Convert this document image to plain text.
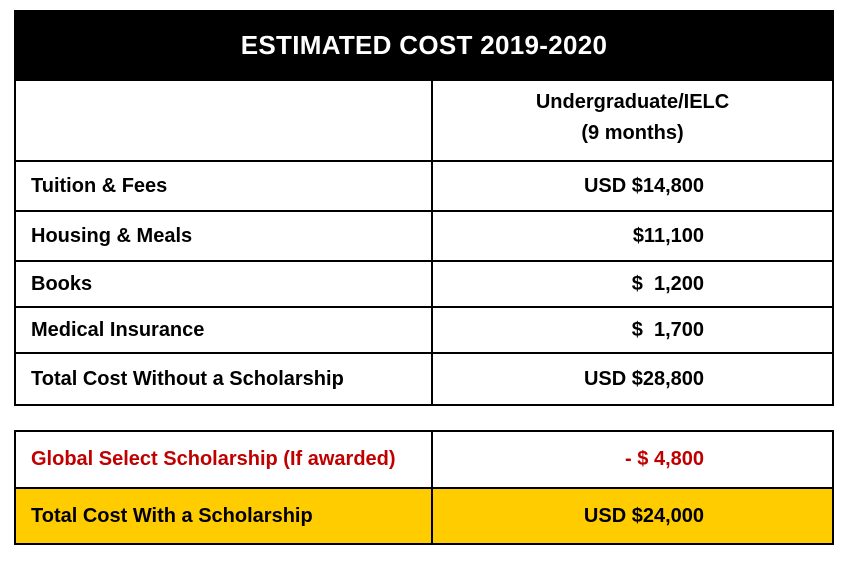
ESTIMATED COST 2019-2020	

	Undergraduate/IELC
(9 months)

Tuition & Fees	USD $14,800
Housing & Meals	$11,100
Books	$  1,200
Medical Insurance	$  1,700
Total Cost Without a Scholarship	USD $28,800
Global Select Scholarship (If awarded)	- $ 4,800
Total Cost With a Scholarship	USD $24,000
